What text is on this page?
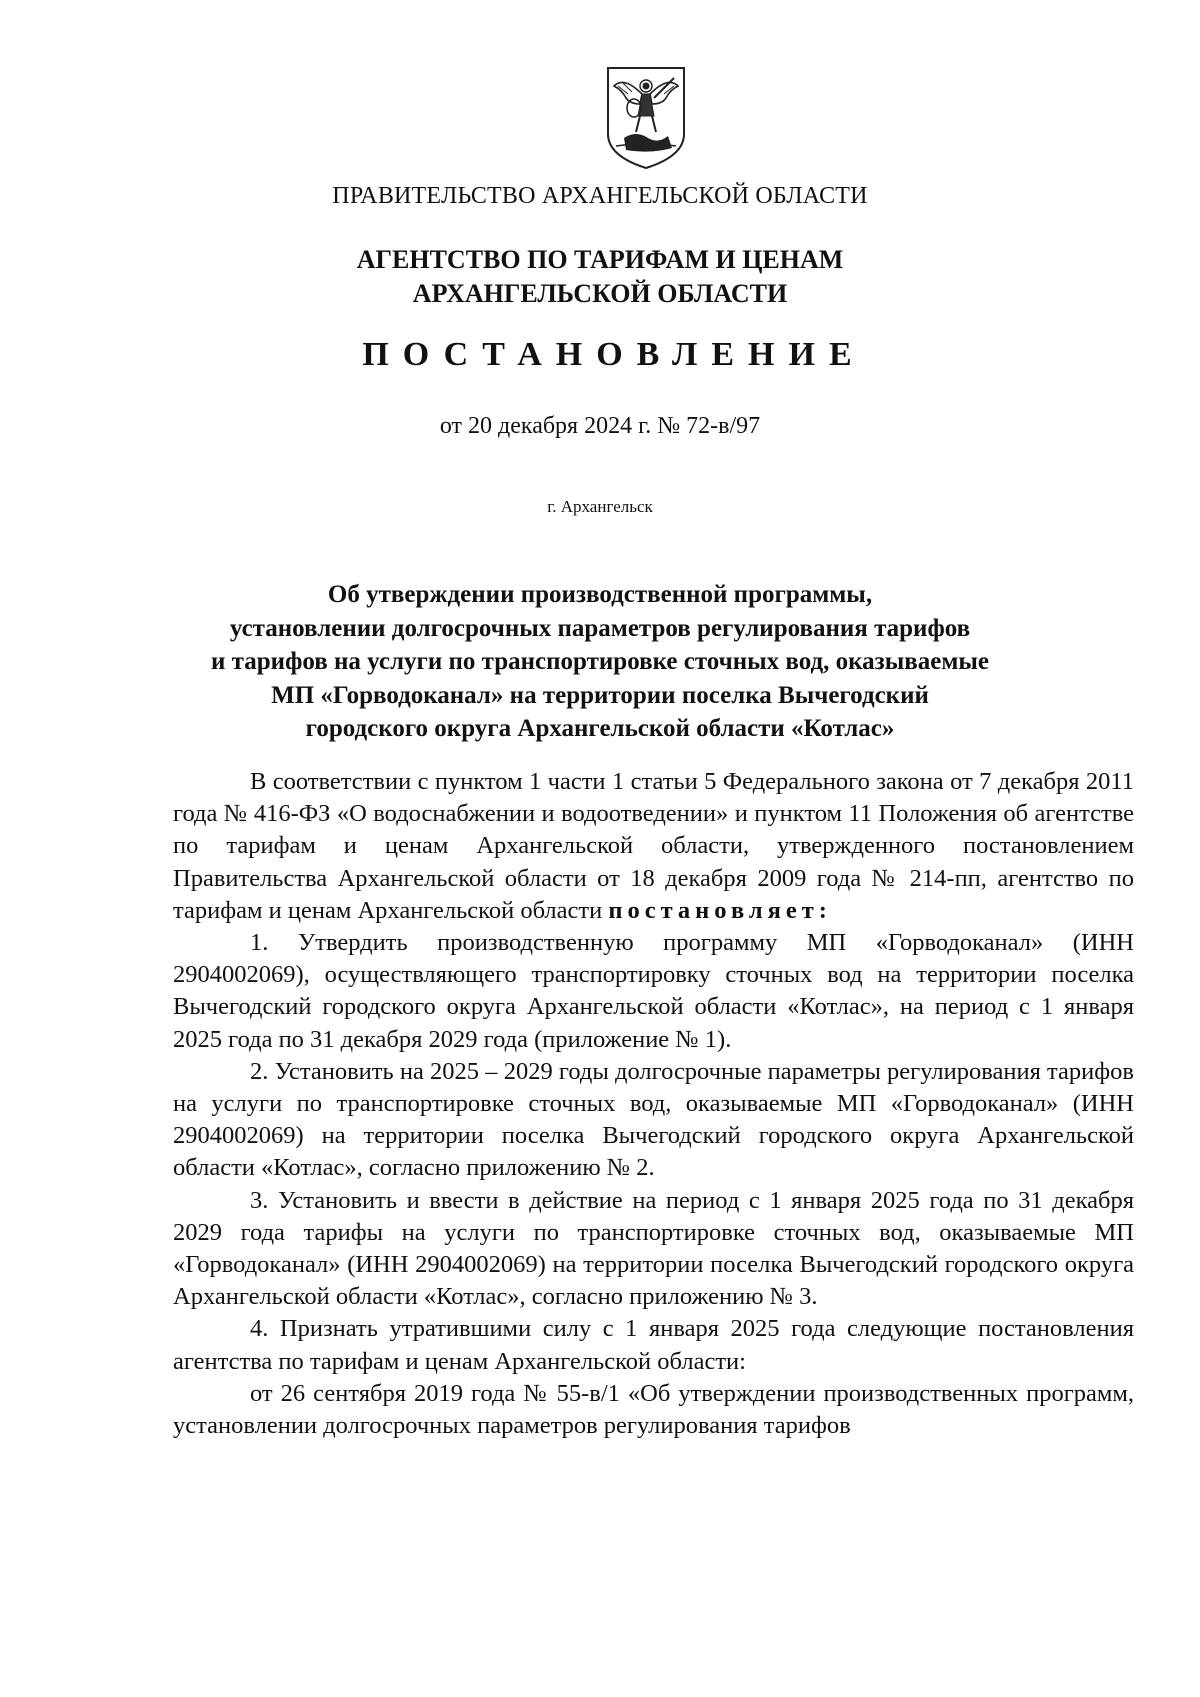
ПРАВИТЕЛЬСТВО АРХАНГЕЛЬСКОЙ ОБЛАСТИ
АГЕНТСТВО ПО ТАРИФАМ И ЦЕНАМ
АРХАНГЕЛЬСКОЙ ОБЛАСТИ
ПОСТАНОВЛЕНИЕ
от 20 декабря 2024 г. № 72-в/97
г. Архангельск
Об утверждении производственной программы,
установлении долгосрочных параметров регулирования тарифов
и тарифов на услуги по транспортировке сточных вод, оказываемые
МП «Горводоканал» на территории поселка Вычегодский
городского округа Архангельской области «Котлас»

В соответствии с пунктом 1 части 1 статьи 5 Федерального закона от 7 декабря 2011 года № 416-ФЗ «О водоснабжении и водоотведении» и пунктом 11 Положения об агентстве по тарифам и ценам Архангельской области, утвержденного постановлением Правительства Архангельской области от 18 декабря 2009 года № 214-пп, агентство по тарифам и ценам Архангельской области постановляет:

1. Утвердить производственную программу МП «Горводоканал» (ИНН 2904002069), осуществляющего транспортировку сточных вод на территории поселка Вычегодский городского округа Архангельской области «Котлас», на период с 1 января 2025 года по 31 декабря 2029 года (приложение № 1).

2. Установить на 2025 – 2029 годы долгосрочные параметры регулирования тарифов на услуги по транспортировке сточных вод, оказываемые МП «Горводоканал» (ИНН 2904002069) на территории поселка Вычегодский городского округа Архангельской области «Котлас», согласно приложению № 2.

3. Установить и ввести в действие на период с 1 января 2025 года по 31 декабря 2029 года тарифы на услуги по транспортировке сточных вод, оказываемые МП «Горводоканал» (ИНН 2904002069) на территории поселка Вычегодский городского округа Архангельской области «Котлас», согласно приложению № 3.

4. Признать утратившими силу с 1 января 2025 года следующие постановления агентства по тарифам и ценам Архангельской области:

от 26 сентября 2019 года № 55-в/1 «Об утверждении производственных программ, установлении долгосрочных параметров регулирования тарифов
